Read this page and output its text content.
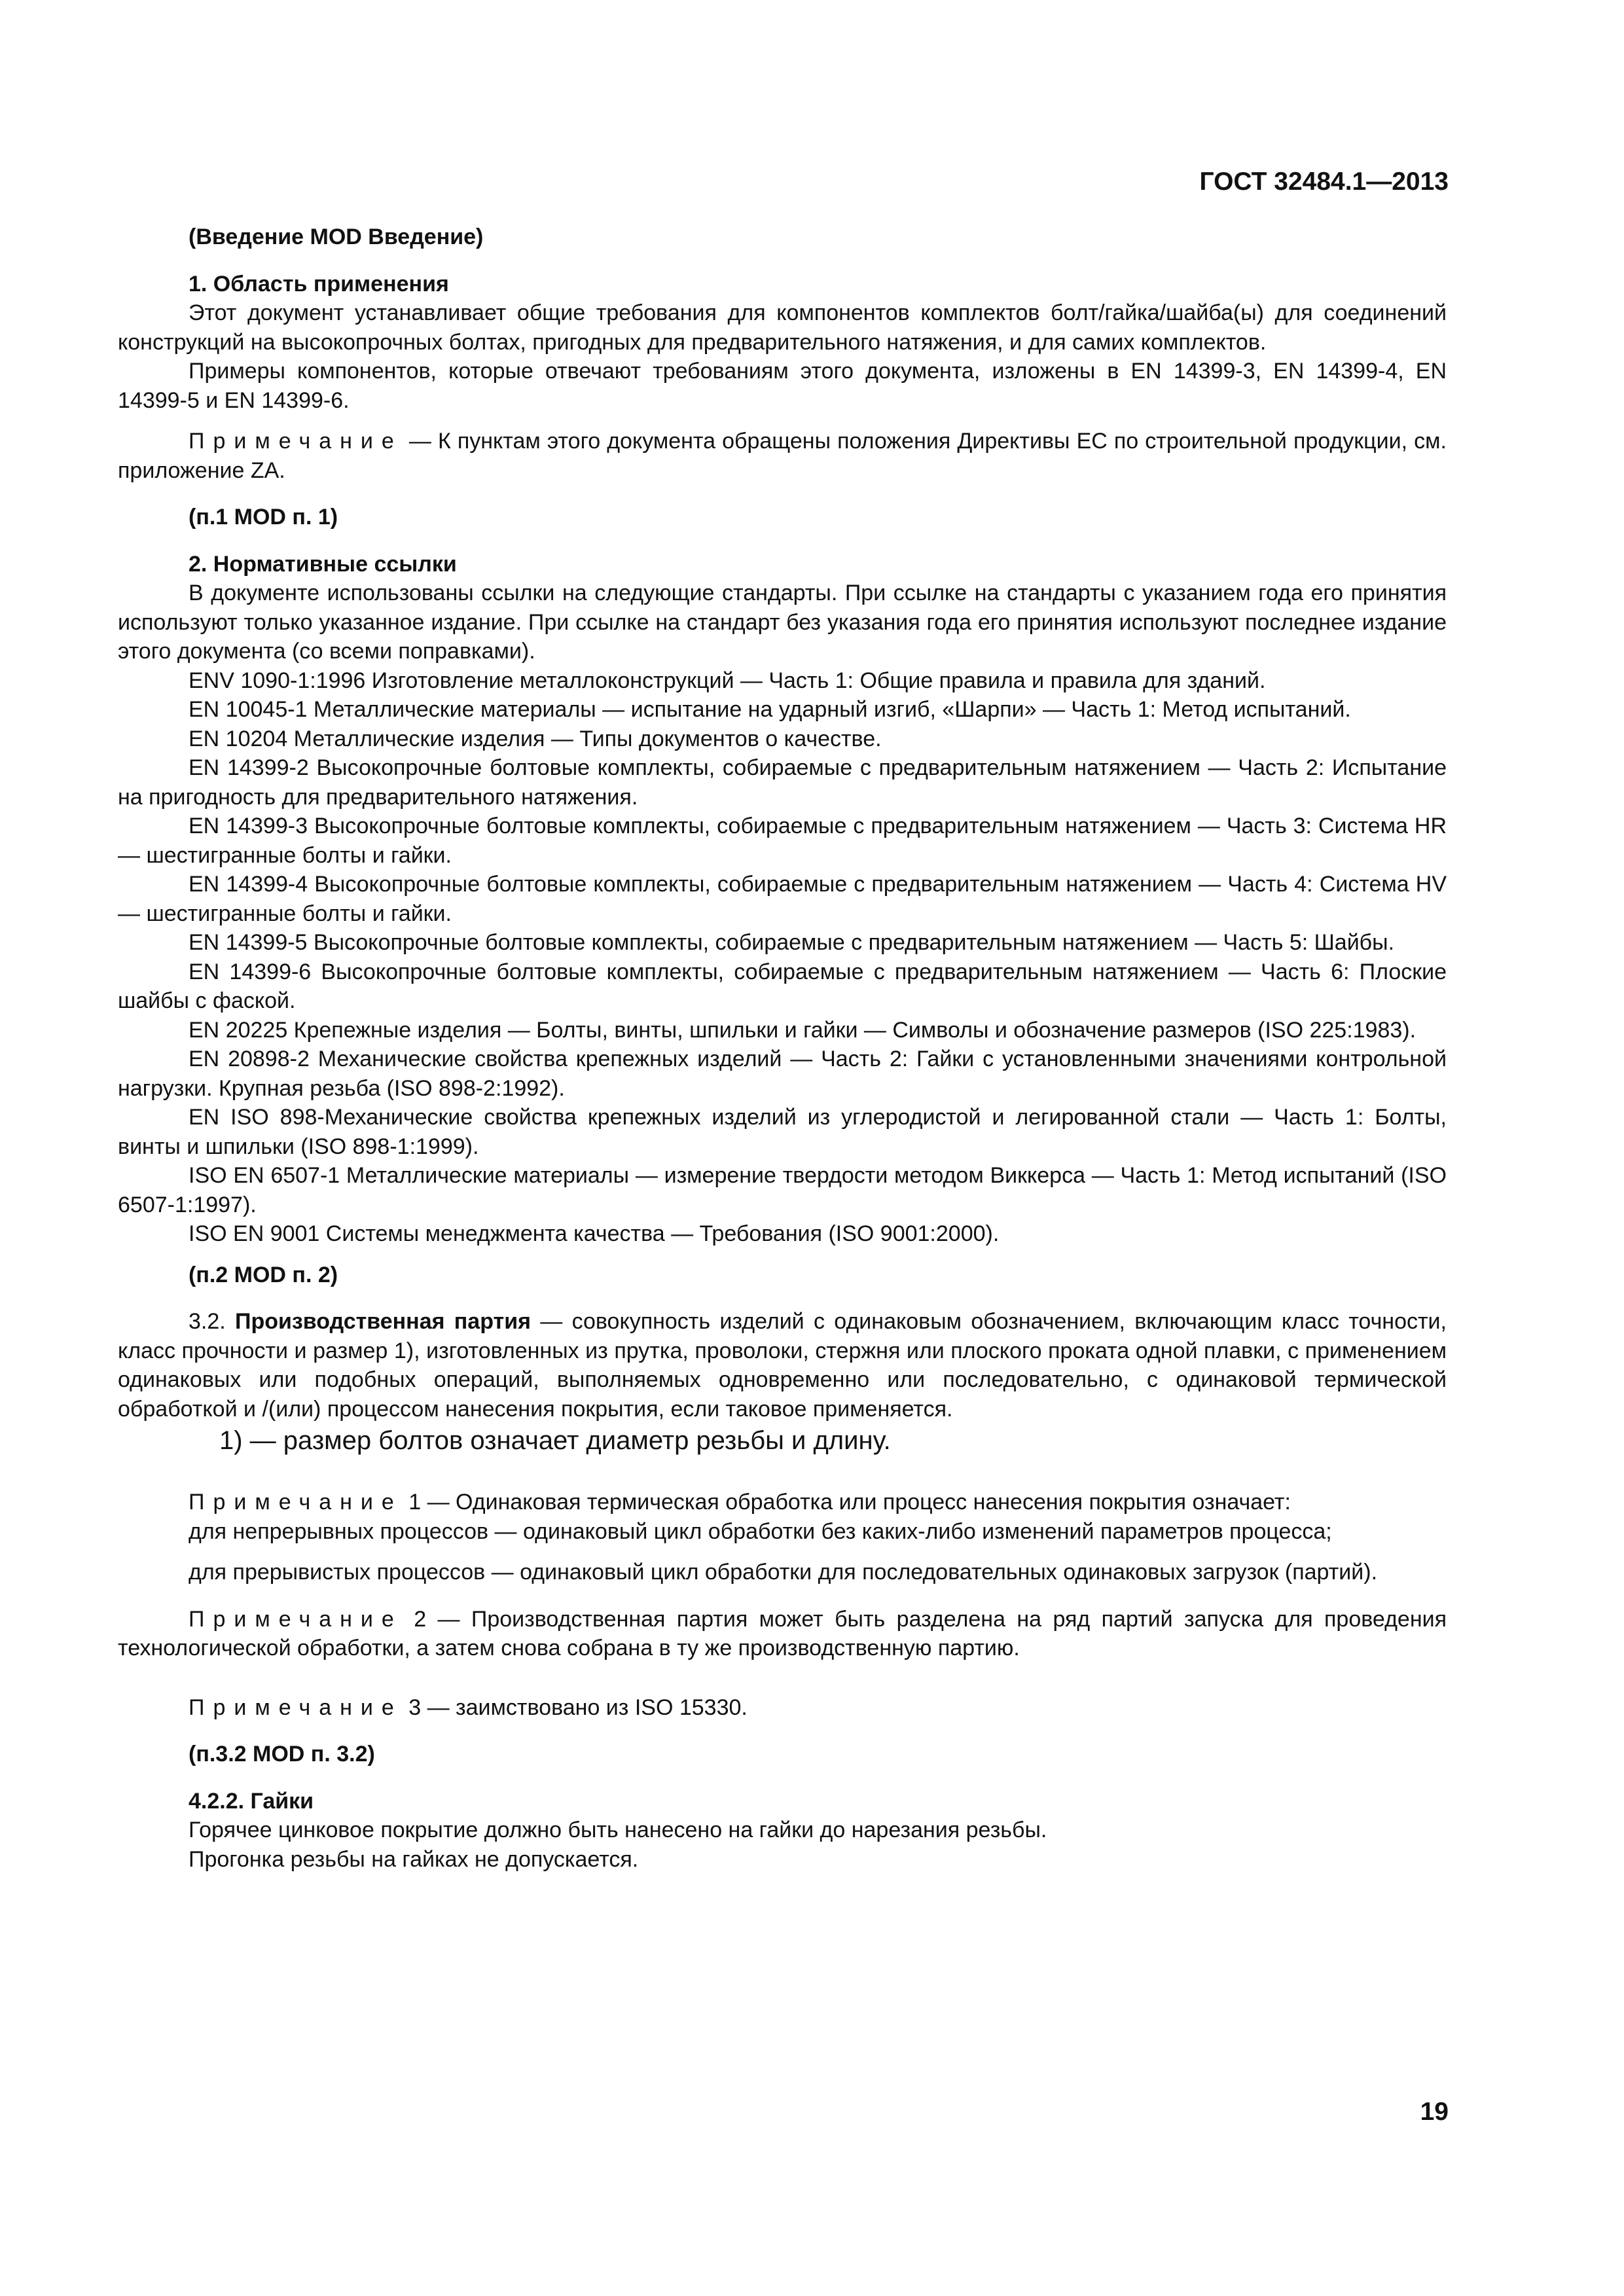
ГОСТ 32484.1—2013

(Введение MOD Введение)

1. Область применения

Этот документ устанавливает общие требования для компонентов комплектов болт/гайка/шайба(ы) для соединений конструкций на высокопрочных болтах, пригодных для предварительного натяжения, и для самих комплектов.

Примеры компонентов, которые отвечают требованиям этого документа, изложены в EN 14399-3, EN 14399-4, EN 14399-5 и EN 14399-6.

Примечание — К пунктам этого документа обращены положения Директивы ЕС по строительной продукции, см. приложение ZA.

(п.1 MOD п. 1)

2. Нормативные ссылки

В документе использованы ссылки на следующие стандарты. При ссылке на стандарты с указанием года его принятия используют только указанное издание. При ссылке на стандарт без указания года его принятия используют последнее издание этого документа (со всеми поправками).

ENV 1090-1:1996 Изготовление металлоконструкций — Часть 1: Общие правила и правила для зданий.

EN 10045-1 Металлические материалы — испытание на ударный изгиб, «Шарпи» — Часть 1: Метод испытаний.

EN 10204 Металлические изделия — Типы документов о качестве.

EN 14399-2 Высокопрочные болтовые комплекты, собираемые с предварительным натяжением — Часть 2: Испытание на пригодность для предварительного натяжения.

EN 14399-3 Высокопрочные болтовые комплекты, собираемые с предварительным натяжением — Часть 3: Система HR — шестигранные болты и гайки.

EN 14399-4 Высокопрочные болтовые комплекты, собираемые с предварительным натяжением — Часть 4: Система HV — шестигранные болты и гайки.

EN 14399-5 Высокопрочные болтовые комплекты, собираемые с предварительным натяжением — Часть 5: Шайбы.

EN 14399-6 Высокопрочные болтовые комплекты, собираемые с предварительным натяжением — Часть 6: Плоские шайбы с фаской.

EN 20225 Крепежные изделия — Болты, винты, шпильки и гайки — Символы и обозначение размеров (ISO 225:1983).

EN 20898-2 Механические свойства крепежных изделий — Часть 2: Гайки с установленными значениями контрольной нагрузки. Крупная резьба (ISO 898-2:1992).

EN ISO 898-Механические свойства крепежных изделий из углеродистой и легированной стали — Часть 1: Болты, винты и шпильки (ISO 898-1:1999).

ISO EN 6507-1 Металлические материалы — измерение твердости методом Виккерса — Часть 1: Метод испытаний (ISO 6507-1:1997).

ISO EN 9001 Системы менеджмента качества — Требования (ISO 9001:2000).

(п.2 MOD п. 2)

3.2. Производственная партия — совокупность изделий с одинаковым обозначением, включающим класс точности, класс прочности и размер 1), изготовленных из прутка, проволоки, стержня или плоского проката одной плавки, с применением одинаковых или подобных операций, выполняемых одновременно или последовательно, с одинаковой термической обработкой и /(или) процессом нанесения покрытия, если таковое применяется.

1) — размер болтов означает диаметр резьбы и длину.

Примечание 1 — Одинаковая термическая обработка или процесс нанесения покрытия означает:

для непрерывных процессов — одинаковый цикл обработки без каких-либо изменений параметров процесса;

для прерывистых процессов — одинаковый цикл обработки для последовательных одинаковых загрузок (партий).

Примечание 2 — Производственная партия может быть разделена на ряд партий запуска для проведения технологической обработки, а затем снова собрана в ту же производственную партию.

Примечание 3 — заимствовано из ISO 15330.

(п.3.2 MOD п. 3.2)

4.2.2. Гайки

Горячее цинковое покрытие должно быть нанесено на гайки до нарезания резьбы.

Прогонка резьбы на гайках не допускается.

19
